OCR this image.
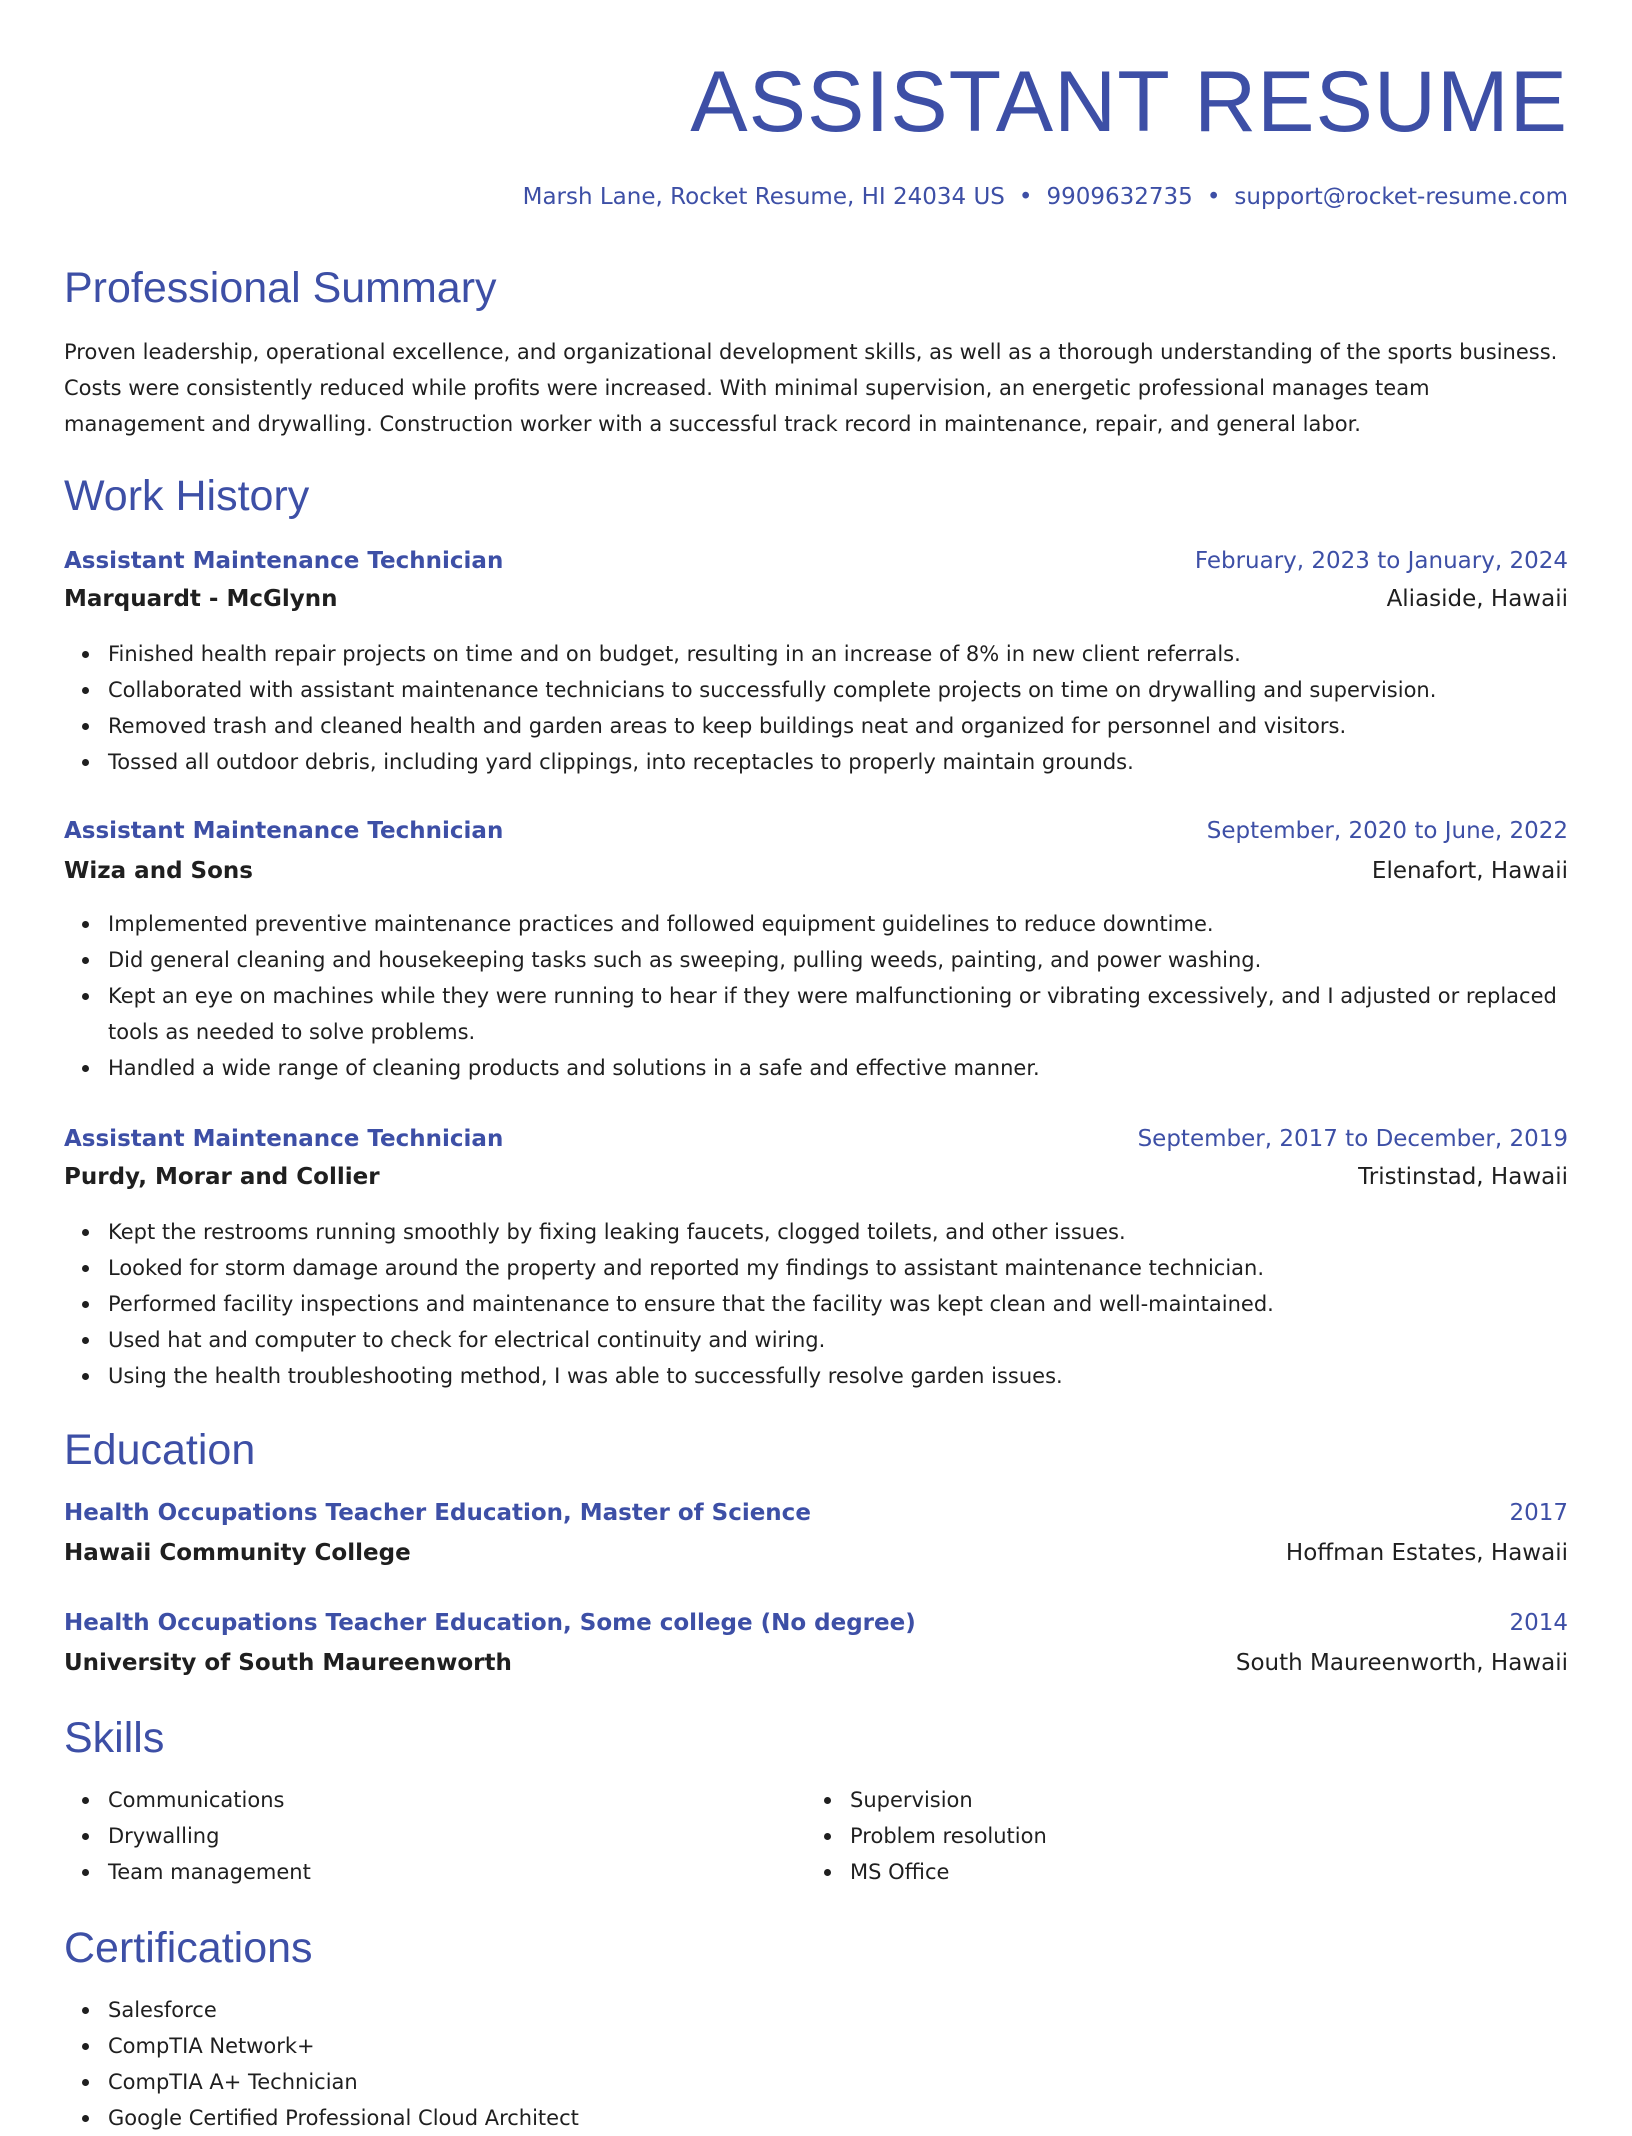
ASSISTANT RESUME
Marsh Lane, Rocket Resume, HI 24034 US • 9909632735 • support@rocket-resume.com
Professional Summary

Proven leadership, operational excellence, and organizational development skills, as well as a thorough understanding of the sports business. Costs were consistently reduced while profits were increased. With minimal supervision, an energetic professional manages team management and drywalling. Construction worker with a successful track record in maintenance, repair, and general labor.

Work History
Assistant Maintenance Technician	February, 2023 to January, 2024
Marquardt - McGlynn	Aliaside, Hawaii
Finished health repair projects on time and on budget, resulting in an increase of 8% in new client referrals.
Collaborated with assistant maintenance technicians to successfully complete projects on time on drywalling and supervision.
Removed trash and cleaned health and garden areas to keep buildings neat and organized for personnel and visitors.
Tossed all outdoor debris, including yard clippings, into receptacles to properly maintain grounds.
Assistant Maintenance Technician	September, 2020 to June, 2022
Wiza and Sons	Elenafort, Hawaii
Implemented preventive maintenance practices and followed equipment guidelines to reduce downtime.
Did general cleaning and housekeeping tasks such as sweeping, pulling weeds, painting, and power washing.
Kept an eye on machines while they were running to hear if they were malfunctioning or vibrating excessively, and I adjusted or replaced tools as needed to solve problems.
Handled a wide range of cleaning products and solutions in a safe and effective manner.
Assistant Maintenance Technician	September, 2017 to December, 2019
Purdy, Morar and Collier	Tristinstad, Hawaii
Kept the restrooms running smoothly by fixing leaking faucets, clogged toilets, and other issues.
Looked for storm damage around the property and reported my findings to assistant maintenance technician.
Performed facility inspections and maintenance to ensure that the facility was kept clean and well-maintained.
Used hat and computer to check for electrical continuity and wiring.
Using the health troubleshooting method, I was able to successfully resolve garden issues.
Education
Health Occupations Teacher Education, Master of Science	2017
Hawaii Community College	Hoffman Estates, Hawaii
Health Occupations Teacher Education, Some college (No degree)	2014
University of South Maureenworth	South Maureenworth, Hawaii
Skills
Communications
Drywalling
Team management
Supervision
Problem resolution
MS Office
Certifications
Salesforce
CompTIA Network+
CompTIA A+ Technician
Google Certified Professional Cloud Architect
